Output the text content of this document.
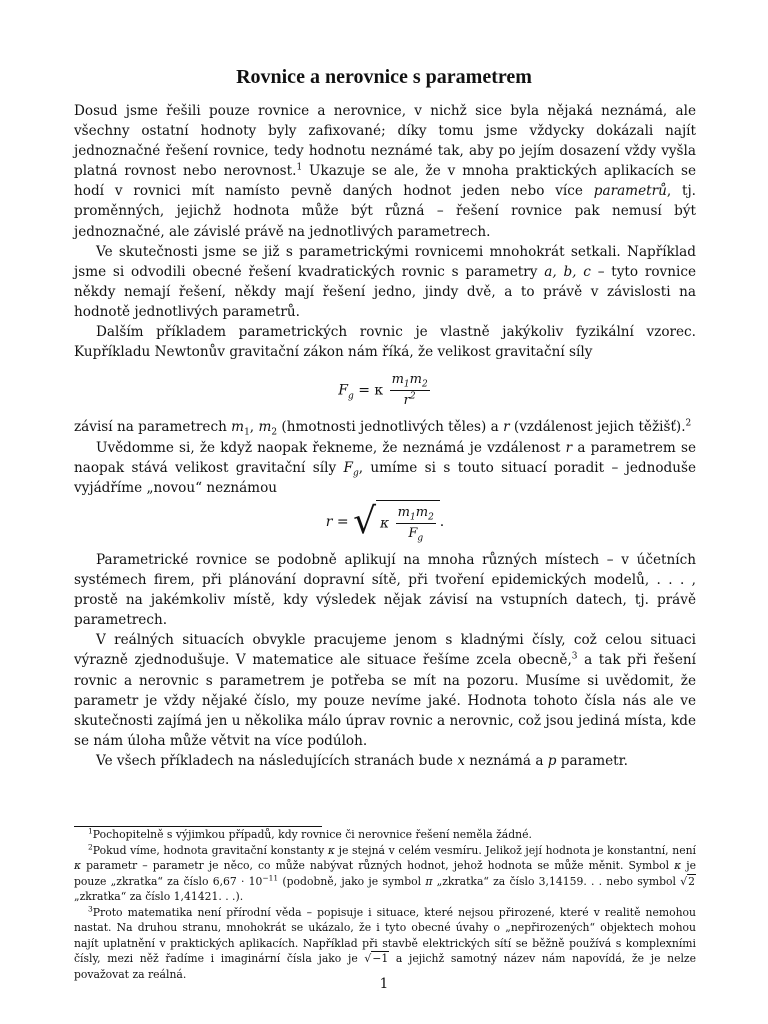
Rovnice a nerovnice s parametrem

Dosud jsme řešili pouze rovnice a nerovnice, v nichž sice byla nějaká neznámá, ale všechny ostatní hodnoty byly zafixované; díky tomu jsme vždycky dokázali najít jednoznačné řešení rovnice, tedy hodnotu neznámé tak, aby po jejím dosazení vždy vyšla platná rovnost nebo nerovnost.$^1$ Ukazuje se ale, že v mnoha praktických aplikacích se hodí v rovnici mít namísto pevně daných hodnot jeden nebo více parametrů, tj. proměnných, jejichž hodnota může být různá – řešení rovnice pak nemusí být jednoznačné, ale závislé právě na jednotlivých parametrech.

Ve skutečnosti jsme se již s parametrickými rovnicemi mnohokrát setkali. Například jsme si odvodili obecné řešení kvadratických rovnic s parametry a, b, c – tyto rovnice někdy nemají řešení, někdy mají řešení jedno, jindy dvě, a to právě v závislosti na hodnotě jednotlivých parametrů.

Dalším příkladem parametrických rovnic je vlastně jakýkoliv fyzikální vzorec. Kupříkladu Newtonův gravitační zákon nám říká, že velikost gravitační síly

$F_g = \kappa \frac{m_1m_2}{r^2}$

závisí na parametrech $m_1$, $m_2$ (hmotnosti jednotlivých těles) a r (vzdálenost jejich těžišť).$^2$

Uvědomme si, že když naopak řekneme, že neznámá je vzdálenost r a parametrem se naopak stává velikost gravitační síly $F_g$, umíme si s touto situací poradit – jednoduše vyjádříme „novou“ neznámou

r = √ κ $\frac{m_1m_2}{F_g}$ .

Parametrické rovnice se podobně aplikují na mnoha různých místech – v účetních systémech firem, při plánování dopravní sítě, při tvoření epidemických modelů, . . . , prostě na jakémkoliv místě, kdy výsledek nějak závisí na vstupních datech, tj. právě parametrech.

V reálných situacích obvykle pracujeme jenom s kladnými čísly, což celou situaci výrazně zjednodušuje. V matematice ale situace řešíme zcela obecně,$^3$ a tak při řešení rovnic a nerovnic s parametrem je potřeba se mít na pozoru. Musíme si uvědomit, že parametr je vždy nějaké číslo, my pouze nevíme jaké. Hodnota tohoto čísla nás ale ve skutečnosti zajímá jen u několika málo úprav rovnic a nerovnic, což jsou jediná místa, kde se nám úloha může větvit na více podúloh.

Ve všech příkladech na následujících stranách bude x neznámá a p parametr.

$^1$Pochopitelně s výjimkou případů, kdy rovnice či nerovnice řešení neměla žádné.

$^2$Pokud víme, hodnota gravitační konstanty κ je stejná v celém vesmíru. Jelikož její hodnota je konstantní, není κ parametr – parametr je něco, co může nabývat různých hodnot, jehož hodnota se může měnit. Symbol κ je pouze „zkratka“ za číslo $6,67 \cdot 10^{-11}$ (podobně, jako je symbol π „zkratka“ za číslo 3,14159. . . nebo symbol √2 „zkratka“ za číslo 1,41421. . .).

$^3$Proto matematika není přírodní věda – popisuje i situace, které nejsou přirozené, které v realitě nemohou nastat. Na druhou stranu, mnohokrát se ukázalo, že i tyto obecné úvahy o „nepřirozených“ objektech mohou najít uplatnění v praktických aplikacích. Například při stavbě elektrických sítí se běžně používá s komplexními čísly, mezi něž řadíme i imaginární čísla jako je √−1 a jejichž samotný název nám napovídá, že je nelze považovat za reálná.

1
